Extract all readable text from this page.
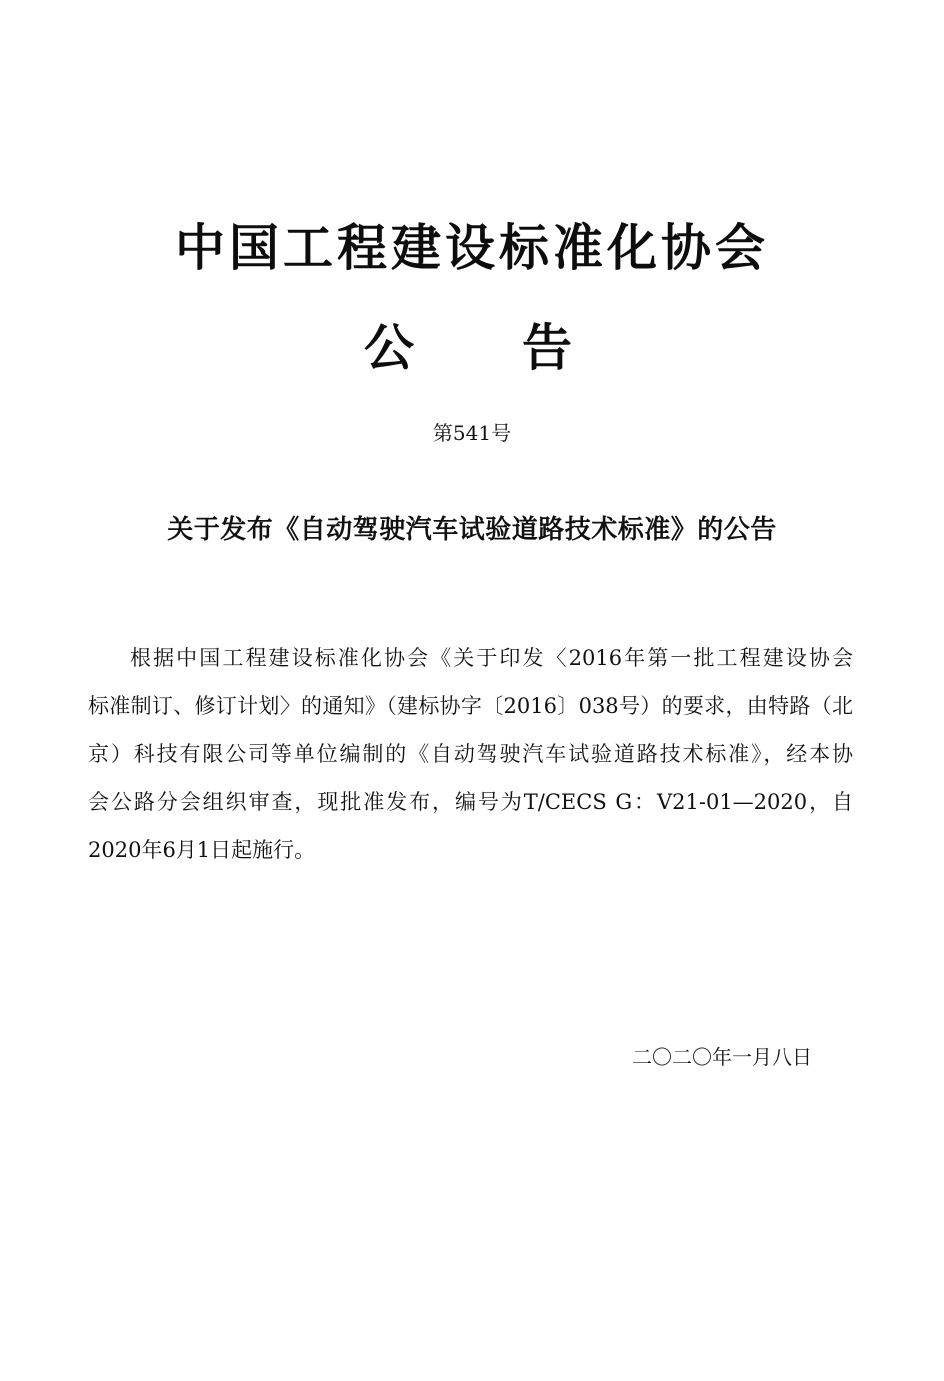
中国工程建设标准化协会
公 告
第541号
关于发布《自动驾驶汽车试验道路技术标准》的公告
根据中国工程建设标准化协会《关于印发〈2016年第一批工程建设协会
标准制订、修订计划〉的通知》（建标协字〔2016〕038号）的要求，由特路（北
京）科技有限公司等单位编制的《自动驾驶汽车试验道路技术标准》，经本协
会公路分会组织审查，现批准发布，编号为T/CECS G：V21-01—2020，自
2020年6月1日起施行。
二〇二〇年一月八日
